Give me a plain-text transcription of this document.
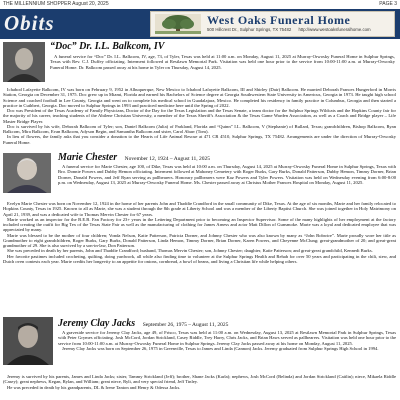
THE MILLENNIUM SHOPPER August 20, 2025	PAGE 3
Obits	West Oaks Funeral Home
500 Hillcrest Dr., Sulphur Springs, TX 75482 http://www.westoaksfuneralhome.com
“Doc” Dr. I.L. Balkcom, IV

A funeral service for “Doc” Dr. I.L. Balkcom, IV, age, 73, of Tyler, Texas was held at 11:00 a.m. on Monday, August 11, 2025 at Murray-Orwosky Funeral Home in Sulphur Springs, Texas with Rev. C.J. Duffey officiating. Interment followed at Restlawn Memorial Park. Visitation was held one hour prior to the service from 10:00-11:00 a.m. at Murray-Orwosky Funeral Home. Dr. Balkcom passed away at his home in Tyler on Thursday, August 14, 2025.

Ichabod Lafayette Balkcom, IV was born on February 9, 1952 in Albuquerque, New Mexico to Ichabod Lafayette Balkcom, III and Shirley (Dair) Balkcom. He married Deborah Frances Hungerford in Morris Station, Georgia on December 31, 1975. Doc grew up in Miami, Florida and earned his Bachelors of Science degree at Georgia Southwestern State University in Americus, Georgia in 1973. He taught high school Science and coached football in Lee County, Georgia and went on to complete his medical school in Guadalajara, Mexico. He completed his residency in family practice in Columbus, Georgia and then started a practice in Cuthbert, Georgia. Doc moved to Sulphur Springs in 1993 and practiced medicine here until the Spring of 2022.

Doc was President of the Texas Academy of Family Physicians, Doctor of the Day for the Texas Legislation and the Texas Senate, a team doctor for the Sulphur Springs Wildcats and the Hopkins County fair for the majority of his career, teaching students of the Abilene Christian University, a member of the Texas Sheriff's Association & the Texas Game Warden Association, as well as a Coach and Bridge player – Life Master Bridge Player.

Doc is survived by his wife, Deborah Balkcom of Tyler; son, Daniel Balkcom (Julia) of Parkland, Florida and “Quinn” I.L. Balkcom, V (Stephanie) of Bullard, Texas; grandchildren, Bishop Balkcom, Ryan Balkcom, Mira Balkcom, Evan Balkcom, Adyson Begin, and Samantha Balkcom and sister, Carol Abarr (Tom).

In lieu of flowers, the family asks that you consider a donation to the Hearts of Life Animal Rescue at 471 CR 4510, Sulphur Springs, TX 75482. Arrangements are under the direction of Murray-Orwosky Funeral Home.

Marie Chester November 12, 1924 – August 11, 2025

A funeral service for Marie Chester, age 100, of Dike, Texas was held at 10:00 a.m. on Thursday, August 14, 2025 at Murray-Orwosky Funeral Home in Sulphur Springs, Texas with Bro. Donnie Powers and Dubby Hemon officiating. Interment followed at Mahoney Cemetery with Roger Burks, Gary Burks, Donald Patterson, Dubby Hemon, Timmy Dorner, Brian Dorner, Donald Powers, and Jeff Ryan serving as pallbearers. Honorary pallbearers were Kaz Powers and Tyler Powers. Visitation was held on Wednesday evening from 6:00-8:00 p.m. on Wednesday, August 13, 2025 at Murray-Orwosky Funeral Home. Ms. Chester passed away at Christus Mother Frances Hospital on Monday, August 11, 2025.

Evelyn Marie Chester was born on November 12, 1924 in the home of her parents John and Thaddie Crandford in the small community of Dike, Texas. At the age of six months, Marie and her family relocated to Hopkins County, Texas in 1925. Known to all as Marie, she was a student through the 8th grade at Liberty School and was a member of the Liberty Baptist Church. She was joined together in Holy Matrimony on April 21, 1939, and was a dedicated wife to Thomas Mervin Chester for 67 years.

Marie worked as an inspector for the B.E.B. Fan Factory for 23+ years in the Lettering Department prior to becoming an Inspector Supervisor. Some of the many highlights of her employment at the factory included creating the outfit for Big Tex of the Texas State Fair as well as the manufacturing of clothing for James Arness and actor Matt Dillon of Gunsmoke. Marie was a loyal and dedicated employee that was appreciated by many.

Marie was blessed to be the mother of four children; Vonda Nelson, Katie Patterson, Patricia Dorner, and Johnny Chester who was also known by many as “John Bobwire”. Marie proudly wore her title as Grandmother to eight grandchildren, Roger Burks, Gary Burks, Donald Patterson, Linda Hemon, Timmy Dorner, Brian Dorner, Karen Powers, and Cheyenne McClung; great-grandmother of 20; and great-great grandmother of 29. She is also survived by a son-in-law, Don Patterson.

She was preceded in death by her parents, John and Thaddie Crandford; husband, Thomas Mervin Chester; son, Johnny Chester; daughter, Katie Patterson; and great-great grandchild, Kennedi Burks.

Her favorite pastimes included crocheting, quilting, doing yardwork, all while also finding time to volunteer at the Sulphur Springs Health and Rehab for over 50 years and participating in the chili, stew, and Dutch oven contests each year. Marie credits her longevity to an appetite for onions, cornbread, a bowl of beans, and living a Christian life while helping others.

Jeremy Clay Jacks September 26, 1975 – August 11, 2025

A graveside service for Jeremy Clay Jacks, age 49, of Frisco, Texas was held at 11:00 a.m. on Wednesday, August 13, 2025 at Restlawn Memorial Park in Sulphur Springs, Texas with Peter Grymes officiating. Josh McCord, Jordan Strickland, Casey Riddle, Trey Harry, Chris Jacks, and Brian Haws served as pallbearers. Visitation was held one hour prior to the service from 10:00-11:00 a.m. at Murray-Orwosky Funeral Home in Sulphur Springs. Jeremy Clay Jacks passed away at his home on Monday, August 11, 2025.

Jeremy Clay Jacks was born on September 26, 1975 in Greenville, Texas to James and Linda (Cannon) Jacks. Jeremy graduated from Sulphur Springs High School in 1994.

Jeremy is survived by his parents, James and Linda Jacks; sister, Tammy Strickland (Jeff); brother, Shane Jacks (Karla); nephews, Josh McCord (Belinda) and Jordan Strickland (Caitlin); niece, Mikaela Riddle (Casey); great nephews, Kegan, Rylan, and William; great niece, Ryli, and very special friend, Jeff Tinley.

He was preceded in death by his grandparents, DL & Irene Tanton and Henry & Odessa Jacks.
